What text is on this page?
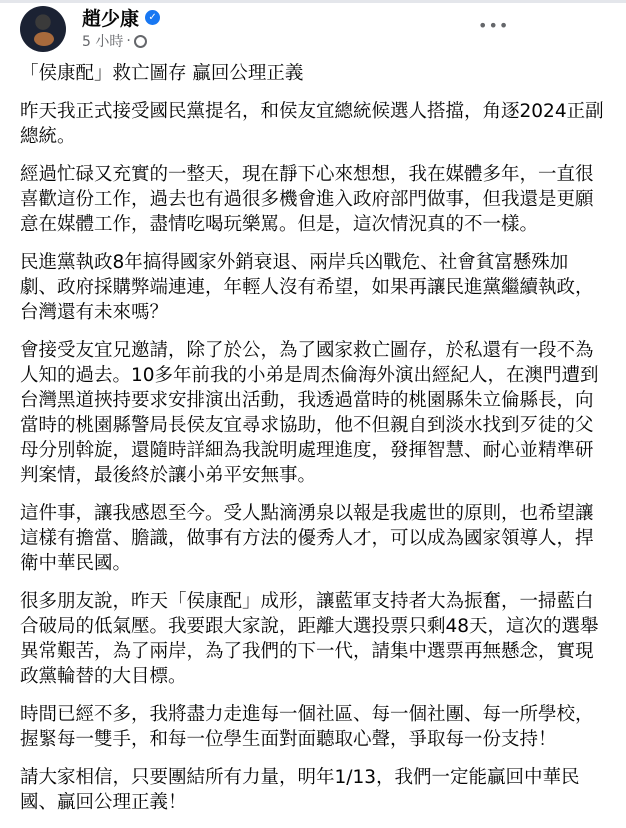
趙少康 ✓
5 小時 ·
•••
「侯康配」救亡圖存 贏回公理正義
昨天我正式接受國民黨提名，和侯友宜總統候選人搭擋，角逐2024正副
總統。
經過忙碌又充實的一整天，現在靜下心來想想，我在媒體多年，一直很
喜歡這份工作，過去也有過很多機會進入政府部門做事，但我還是更願
意在媒體工作，盡情吃喝玩樂罵。但是，這次情況真的不一樣。
民進黨執政8年搞得國家外銷衰退、兩岸兵凶戰危、社會貧富懸殊加
劇、政府採購弊端連連，年輕人沒有希望，如果再讓民進黨繼續執政，
台灣還有未來嗎？
會接受友宜兄邀請，除了於公，為了國家救亡圖存，於私還有一段不為
人知的過去。10多年前我的小弟是周杰倫海外演出經紀人，在澳門遭到
台灣黑道挾持要求安排演出活動，我透過當時的桃園縣朱立倫縣長，向
當時的桃園縣警局長侯友宜尋求協助，他不但親自到淡水找到歹徒的父
母分別斡旋，還隨時詳細為我說明處理進度，發揮智慧、耐心並精準研
判案情，最後終於讓小弟平安無事。
這件事，讓我感恩至今。受人點滴湧泉以報是我處世的原則，也希望讓
這樣有擔當、膽識，做事有方法的優秀人才，可以成為國家領導人，捍
衛中華民國。
很多朋友說，昨天「侯康配」成形，讓藍軍支持者大為振奮，一掃藍白
合破局的低氣壓。我要跟大家說，距離大選投票只剩48天，這次的選舉
異常艱苦，為了兩岸，為了我們的下一代，請集中選票再無懸念，實現
政黨輪替的大目標。
時間已經不多，我將盡力走進每一個社區、每一個社團、每一所學校，
握緊每一雙手，和每一位學生面對面聽取心聲，爭取每一份支持！
請大家相信，只要團結所有力量，明年1/13，我們一定能贏回中華民
國、贏回公理正義！
